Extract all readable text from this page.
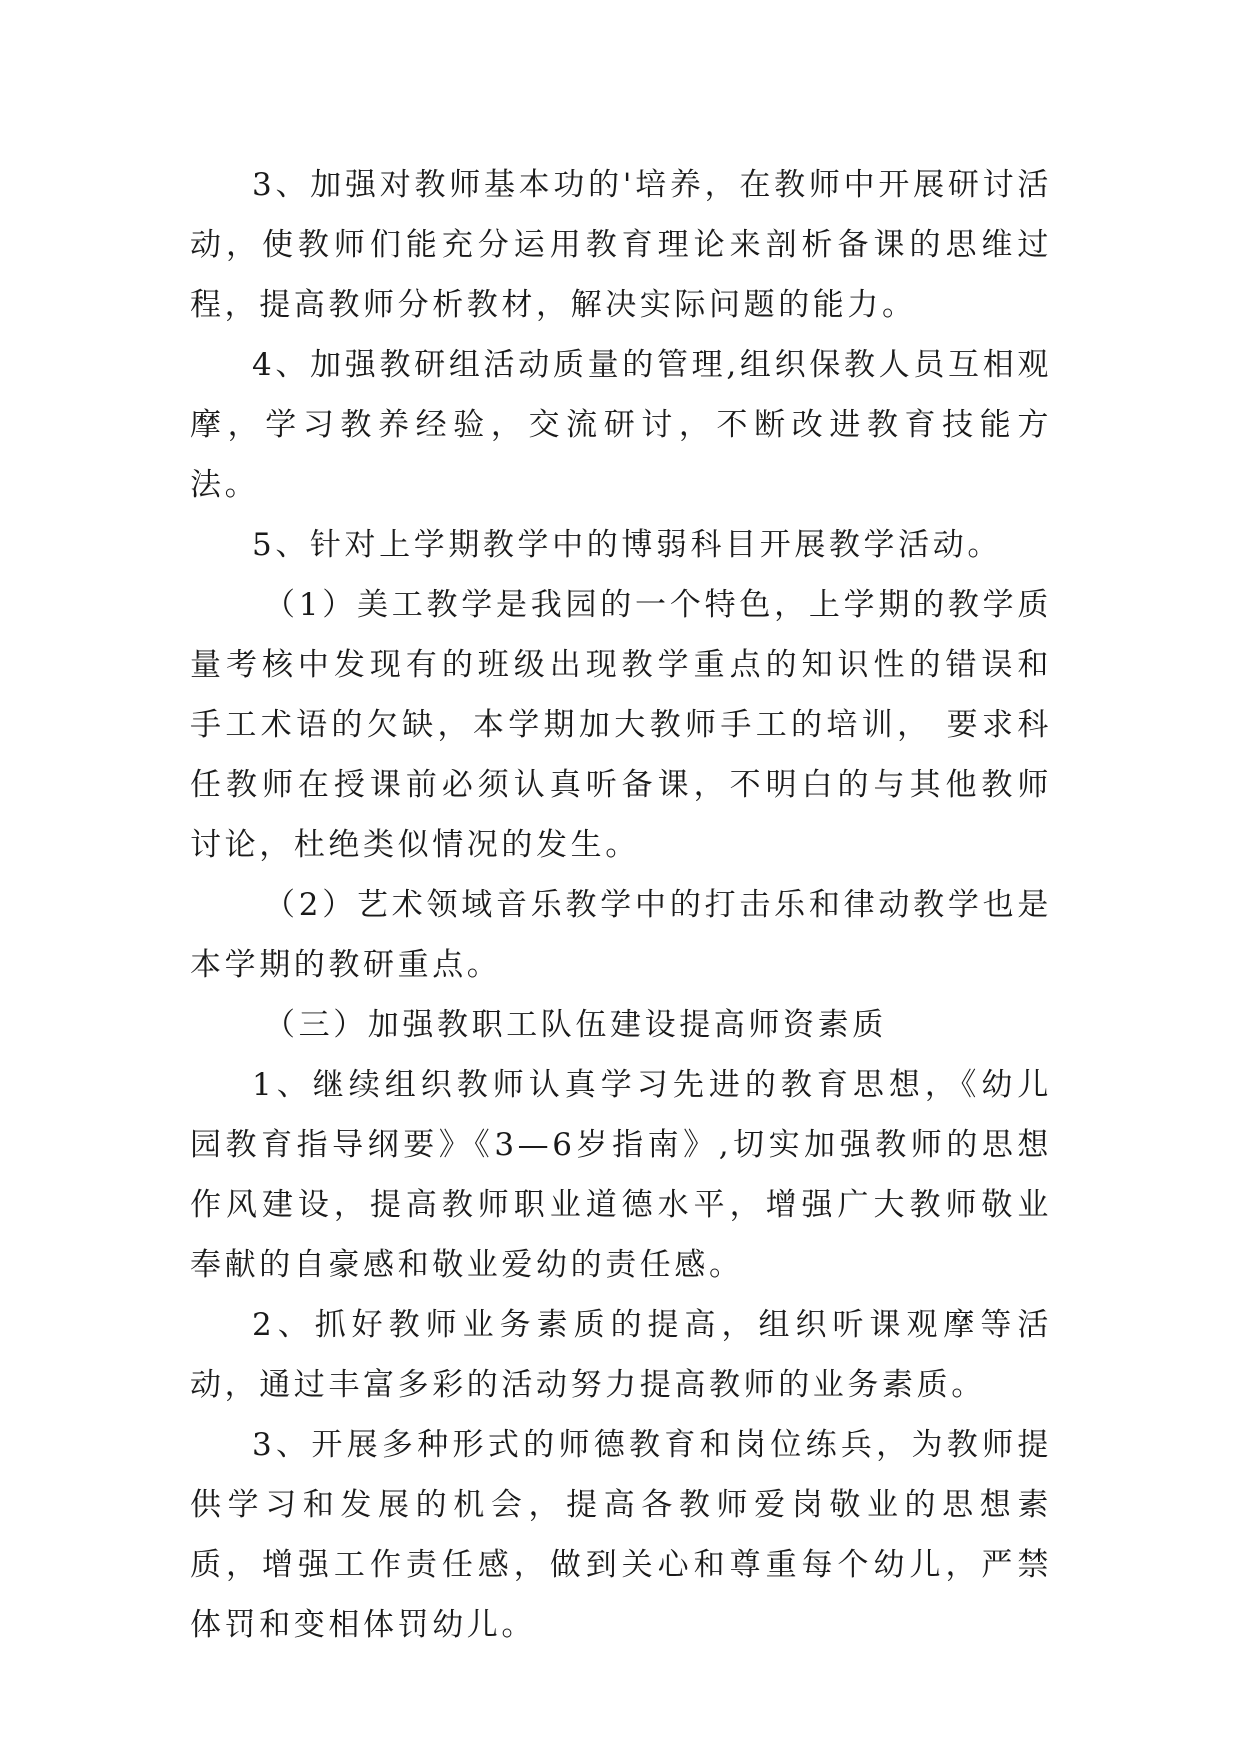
3、加强对教师基本功的'培养，在教师中开展研讨活动，使教师们能充分运用教育理论来剖析备课的思维过程，提高教师分析教材，解决实际问题的能力。

4、加强教研组活动质量的管理,组织保教人员互相观摩，学习教养经验，交流研讨，不断改进教育技能方法。

5、针对上学期教学中的博弱科目开展教学活动。

（1）美工教学是我园的一个特色，上学期的教学质量考核中发现有的班级出现教学重点的知识性的错误和手工术语的欠缺，本学期加大教师手工的培训， 要求科任教师在授课前必须认真听备课，不明白的与其他教师讨论，杜绝类似情况的发生。

（2）艺术领域音乐教学中的打击乐和律动教学也是本学期的教研重点。

（三）加强教职工队伍建设提高师资素质

1、继续组织教师认真学习先进的教育思想，《幼儿园教育指导纲要》《3—6岁指南》,切实加强教师的思想作风建设，提高教师职业道德水平，增强广大教师敬业奉献的自豪感和敬业爱幼的责任感。

2、抓好教师业务素质的提高，组织听课观摩等活动，通过丰富多彩的活动努力提高教师的业务素质。

3、开展多种形式的师德教育和岗位练兵，为教师提供学习和发展的机会，提高各教师爱岗敬业的思想素质，增强工作责任感，做到关心和尊重每个幼儿，严禁体罚和变相体罚幼儿。
